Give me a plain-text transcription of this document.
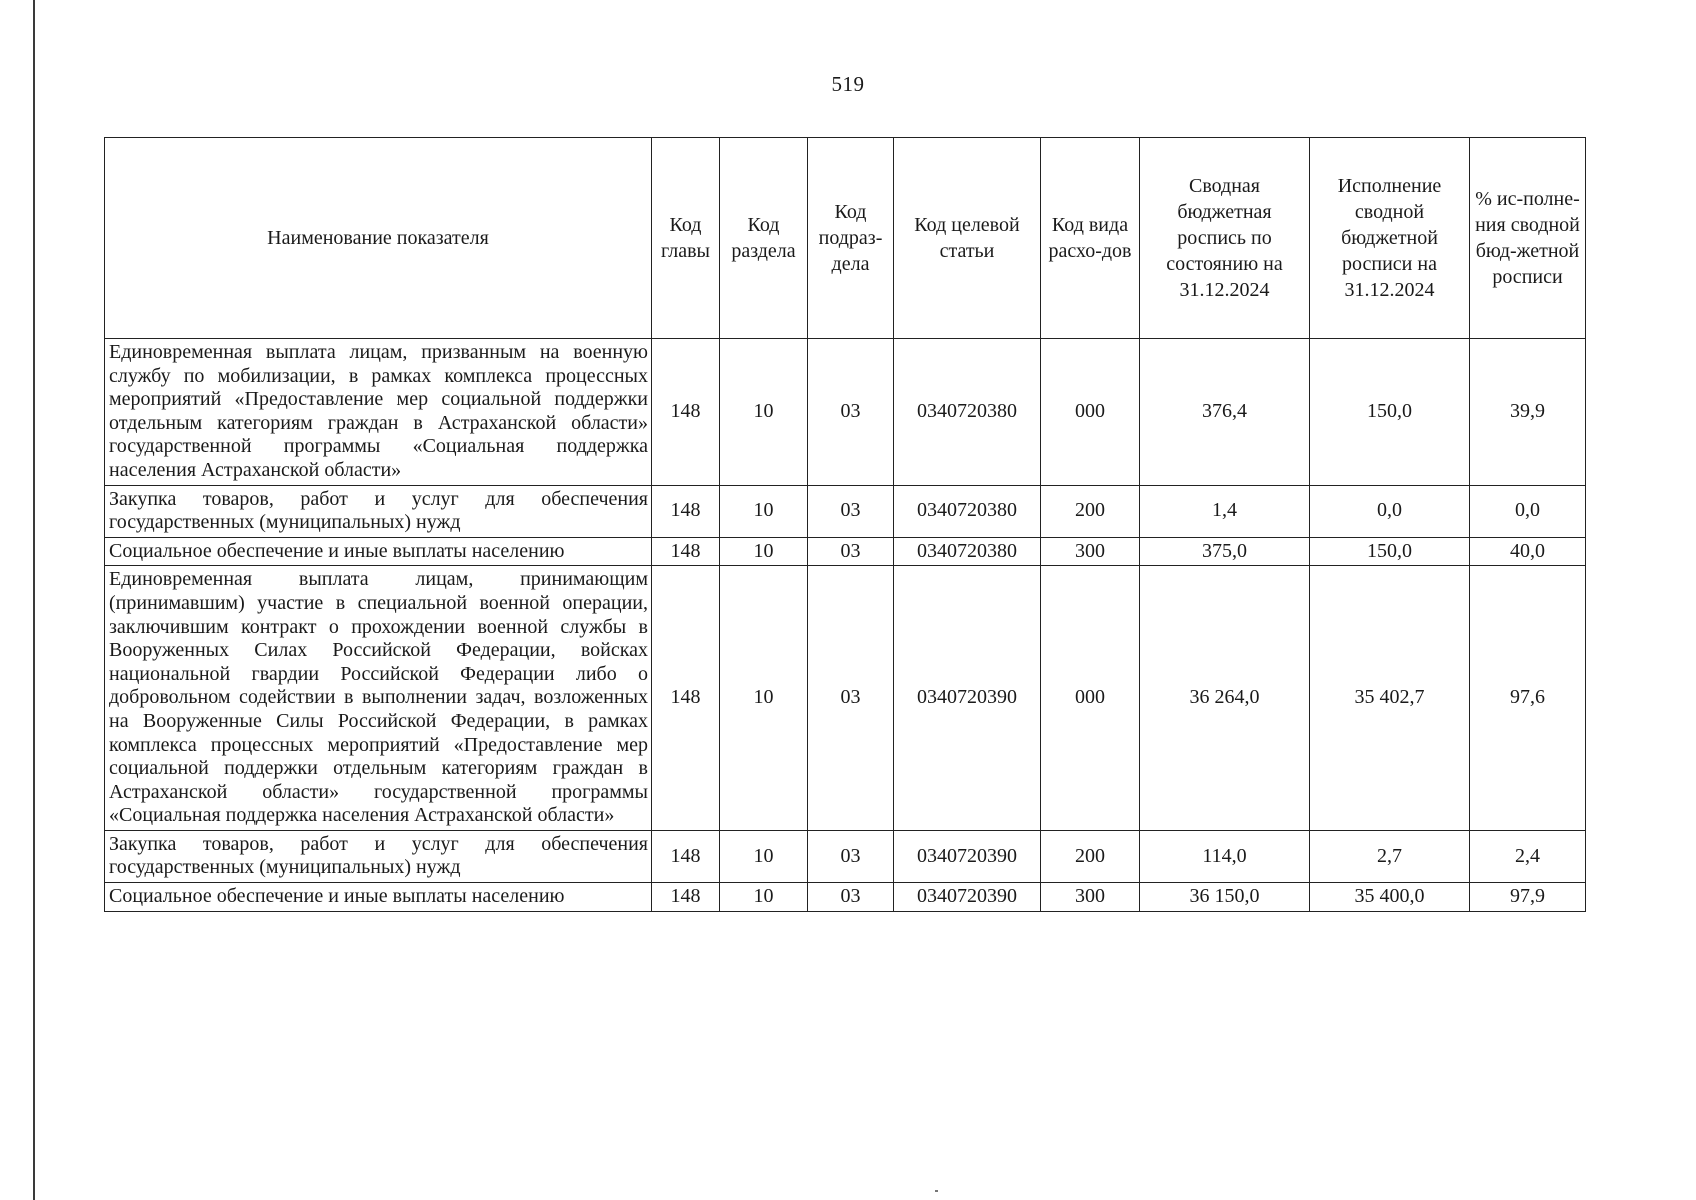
519
Наименование показателя	Код главы	Код раздела	Код подраз-дела	Код целевой статьи	Код вида расхо-дов	Сводная бюджетная роспись по состоянию на 31.12.2024	Исполнение сводной бюджетной росписи на 31.12.2024	% ис-полне-ния сводной бюд-жетной росписи
Единовременная выплата лицам, призванным на военную службу по мобилизации, в рамках комплекса процессных мероприятий «Предоставление мер социальной поддержки отдельным категориям граждан в Астраханской области» государственной программы «Социальная поддержка населения Астраханской области»	148	10	03	0340720380	000	376,4	150,0	39,9
Закупка товаров, работ и услуг для обеспечения государственных (муниципальных) нужд	148	10	03	0340720380	200	1,4	0,0	0,0
Социальное обеспечение и иные выплаты населению	148	10	03	0340720380	300	375,0	150,0	40,0
Единовременная выплата лицам, принимающим (принимавшим) участие в специальной военной операции, заключившим контракт о прохождении военной службы в Вооруженных Силах Российской Федерации, войсках национальной гвардии Российской Федерации либо о добровольном содействии в выполнении задач, возложенных на Вооруженные Силы Российской Федерации, в рамках комплекса процессных мероприятий «Предоставление мер социальной поддержки отдельным категориям граждан в Астраханской области» государственной программы «Социальная поддержка населения Астраханской области»	148	10	03	0340720390	000	36 264,0	35 402,7	97,6
Закупка товаров, работ и услуг для обеспечения государственных (муниципальных) нужд	148	10	03	0340720390	200	114,0	2,7	2,4
Социальное обеспечение и иные выплаты населению	148	10	03	0340720390	300	36 150,0	35 400,0	97,9
